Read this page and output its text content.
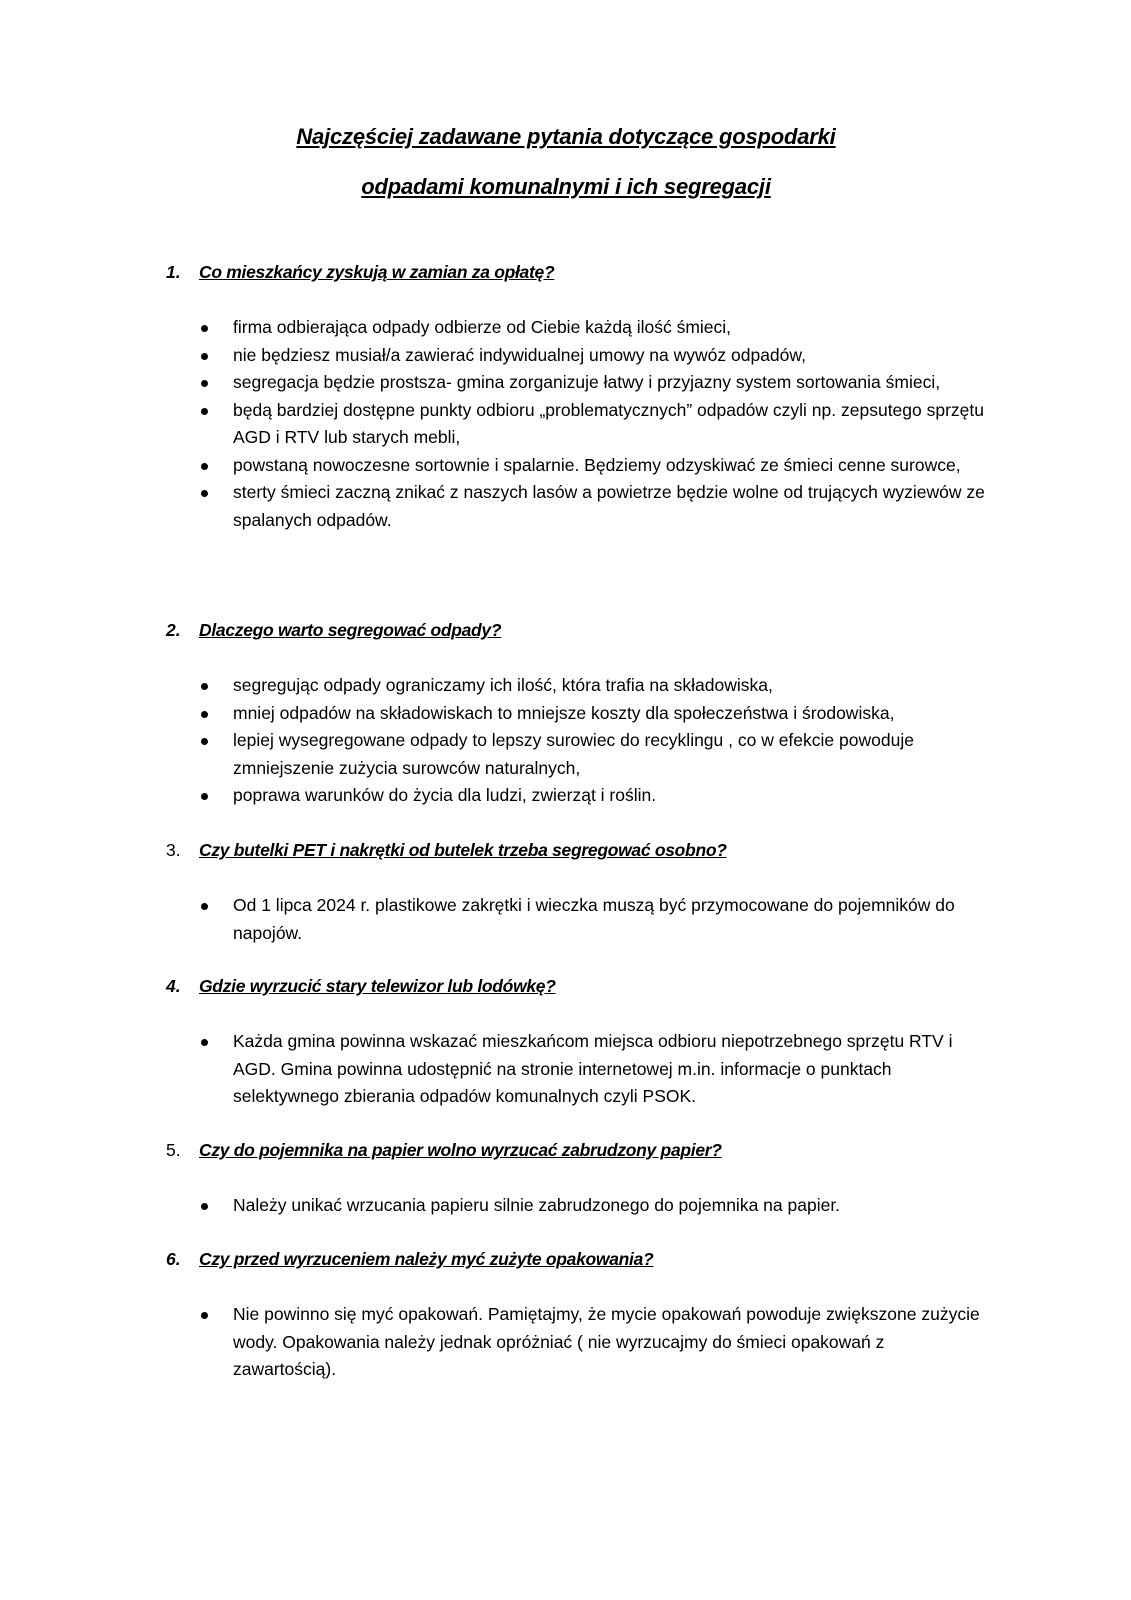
Najczęściej zadawane pytania dotyczące gospodarki
odpadami komunalnymi i ich segregacji
1.	Co mieszkańcy zyskują w zamian za opłatę?
firma odbierająca odpady odbierze od Ciebie każdą ilość śmieci,
nie będziesz musiał/a zawierać indywidualnej umowy na wywóz odpadów,
segregacja będzie prostsza- gmina zorganizuje łatwy i przyjazny system sortowania śmieci,
będą bardziej dostępne punkty odbioru „problematycznych” odpadów czyli np. zepsutego sprzętu AGD i RTV lub starych mebli,
powstaną nowoczesne sortownie i spalarnie. Będziemy odzyskiwać ze śmieci cenne surowce,
sterty śmieci zaczną znikać z naszych lasów a powietrze będzie wolne od trujących wyziewów ze spalanych odpadów.
2.	Dlaczego warto segregować odpady?
segregując odpady ograniczamy ich ilość, która trafia na składowiska,
mniej odpadów na składowiskach to mniejsze koszty dla społeczeństwa i środowiska,
lepiej wysegregowane odpady to lepszy surowiec do recyklingu , co w efekcie powoduje zmniejszenie zużycia surowców naturalnych,
poprawa warunków do życia dla ludzi, zwierząt i roślin.
3.	Czy butelki PET i nakrętki od butelek trzeba segregować osobno?
Od 1 lipca 2024 r. plastikowe zakrętki i wieczka muszą być przymocowane do pojemników do napojów.
4.	Gdzie wyrzucić stary telewizor lub lodówkę?
Każda gmina powinna wskazać mieszkańcom miejsca odbioru niepotrzebnego sprzętu RTV i AGD. Gmina powinna udostępnić na stronie internetowej m.in. informacje o punktach selektywnego zbierania odpadów komunalnych czyli PSOK.
5.	Czy do pojemnika na papier wolno wyrzucać zabrudzony papier?
Należy unikać wrzucania papieru silnie zabrudzonego do pojemnika na papier.
6.	Czy przed wyrzuceniem należy myć zużyte opakowania?
Nie powinno się myć opakowań. Pamiętajmy, że mycie opakowań powoduje zwiększone zużycie wody. Opakowania należy jednak opróżniać ( nie wyrzucajmy do śmieci opakowań z zawartością).
